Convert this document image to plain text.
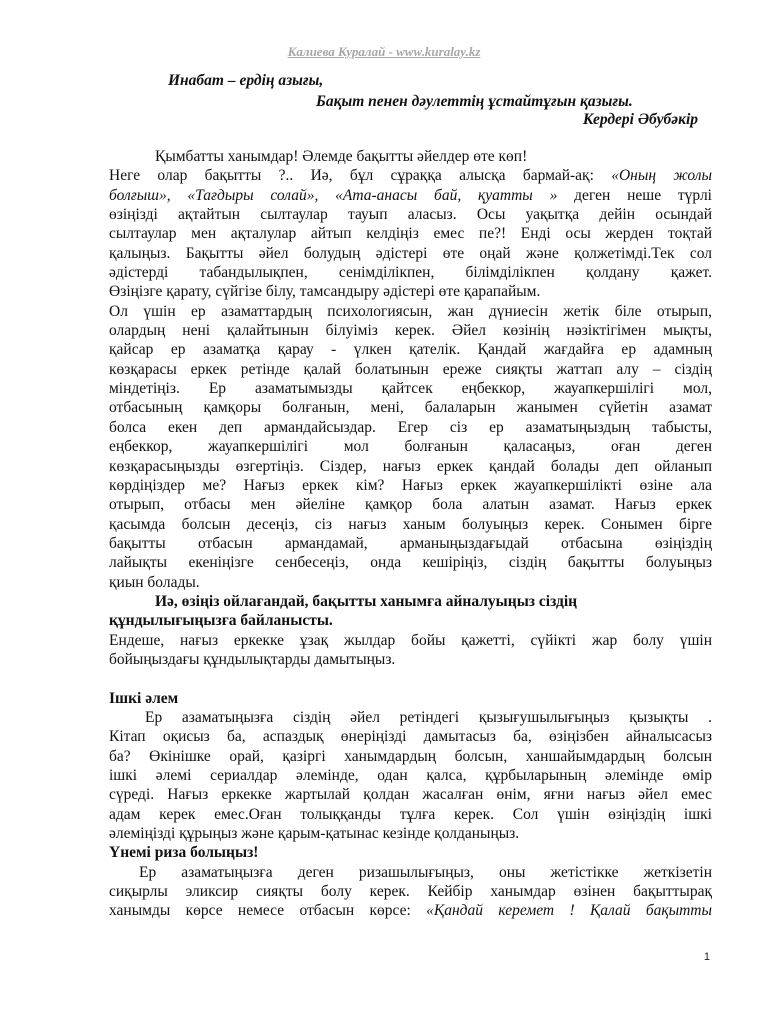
Калиева Куралай - www.kuralay.kz
Инабат – ердің азығы,
Бақыт пенен дәулеттің ұстайтұғын қазығы.
Кердері Әбубәкір
Қымбатты ханымдар! Әлемде бақытты әйелдер өте көп!
Неге олар бақытты ?.. Иә, бұл сұраққа алысқа бармай-ақ: «Оның жолы
болғыш», «Тағдыры солай», «Ата-анасы бай, қуатты » деген неше түрлі
өзіңізді ақтайтын сылтаулар тауып аласыз. Осы уақытқа дейін осындай
сылтаулар мен ақталулар айтып келдіңіз емес пе?! Енді осы жерден тоқтай
қалыңыз. Бақытты әйел болудың әдістері өте оңай және қолжетімді.Тек сол
әдістерді табандылықпен, сенімділікпен, білімділікпен қолдану қажет.
Өзіңізге қарату, сүйгізе білу, тамсандыру әдістері өте қарапайым.
Ол үшін ер азаматтардың психологиясын, жан дүниесін жетік біле отырып,
олардың нені қалайтынын білуіміз керек. Әйел көзінің нәзіктігімен мықты,
қайсар ер азаматқа қарау - үлкен қателік. Қандай жағдайға ер адамның
көзқарасы еркек ретінде қалай болатынын ереже сияқты жаттап алу – сіздің
міндетіңіз. Ер азаматымызды қайтсек еңбеккор, жауапкершілігі мол,
отбасының қамқоры болғанын, мені, балаларын жанымен сүйетін азамат
болса екен деп армандайсыздар. Егер сіз ер азаматыңыздың табысты,
еңбеккор, жауапкершілігі мол болғанын қаласаңыз, оған деген
көзқарасыңызды өзгертіңіз. Сіздер, нағыз еркек қандай болады деп ойланып
көрдіңіздер ме? Нағыз еркек кім? Нағыз еркек жауапкершілікті өзіне ала
отырып, отбасы мен әйеліне қамқор бола алатын азамат. Нағыз еркек
қасымда болсын десеңіз, сіз нағыз ханым болуыңыз керек. Сонымен бірге
бақытты отбасын армандамай, арманыңыздағыдай отбасына өзіңіздің
лайықты екеніңізге сенбесеңіз, онда кешіріңіз, сіздің бақытты болуыңыз
қиын болады.
Иә, өзіңіз ойлағандай, бақытты ханымға айналуыңыз сіздің
құндылығыңызға байланысты.
Ендеше, нағыз еркекке ұзақ жылдар бойы қажетті, сүйікті жар болу үшін
бойыңыздағы құндылықтарды дамытыңыз.
Ішкі әлем
Ер азаматыңызға сіздің әйел ретіндегі қызығушылығыңыз қызықты .
Кітап оқисыз ба, аспаздық өнеріңізді дамытасыз ба, өзіңізбен айналысасыз
ба? Өкінішке орай, қазіргі ханымдардың болсын, ханшайымдардың болсын
ішкі әлемі сериалдар әлемінде, одан қалса, құрбыларының әлемінде өмір
сүреді. Нағыз еркекке жартылай қолдан жасалған өнім, яғни нағыз әйел емес
адам керек емес.Оған толыққанды тұлға керек. Сол үшін өзіңіздің ішкі
әлеміңізді құрыңыз және қарым-қатынас кезінде қолданыңыз.
Үнемі риза болыңыз!
Ер азаматыңызға деген ризашылығыңыз, оны жетістікке жеткізетін
сиқырлы эликсир сияқты болу керек. Кейбір ханымдар өзінен бақыттырақ
ханымды көрсе немесе отбасын көрсе: «Қандай керемет ! Қалай бақытты
1
